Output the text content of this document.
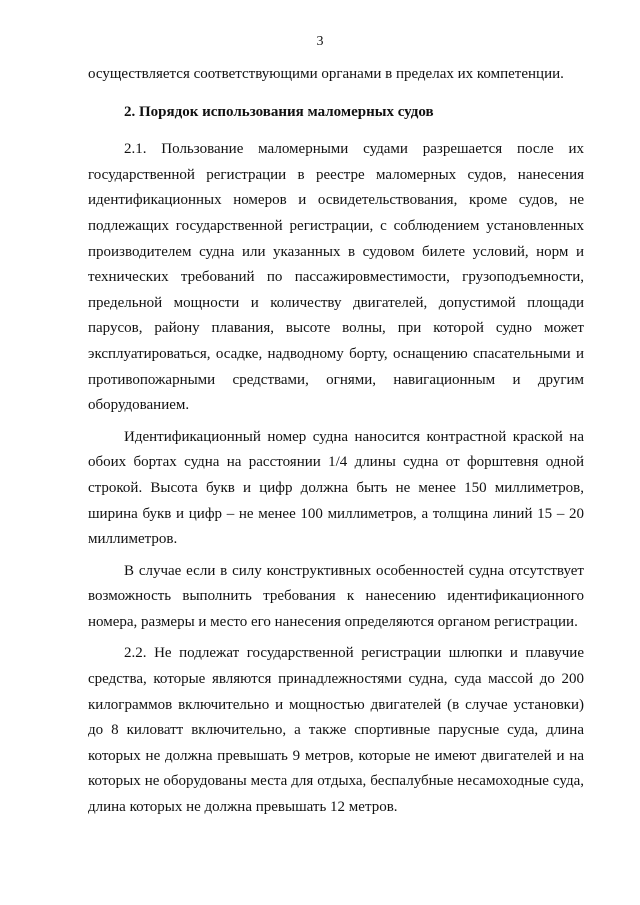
3

осуществляется соответствующими органами в пределах их компетенции.

2. Порядок использования маломерных судов

2.1. Пользование маломерными судами разрешается после их государственной регистрации в реестре маломерных судов, нанесения идентификационных номеров и освидетельствования, кроме судов, не подлежащих государственной регистрации, с соблюдением установленных производителем судна или указанных в судовом билете условий, норм и технических требований по пассажировместимости, грузоподъемности, предельной мощности и количеству двигателей, допустимой площади парусов, району плавания, высоте волны, при которой судно может эксплуатироваться, осадке, надводному борту, оснащению спасательными и противопожарными средствами, огнями, навигационным и другим оборудованием.

Идентификационный номер судна наносится контрастной краской на обоих бортах судна на расстоянии 1/4 длины судна от форштевня одной строкой. Высота букв и цифр должна быть не менее 150 миллиметров, ширина букв и цифр – не менее 100 миллиметров, а толщина линий 15 – 20 миллиметров.

В случае если в силу конструктивных особенностей судна отсутствует возможность выполнить требования к нанесению идентификационного номера, размеры и место его нанесения определяются органом регистрации.

2.2. Не подлежат государственной регистрации шлюпки и плавучие средства, которые являются принадлежностями судна, суда массой до 200 килограммов включительно и мощностью двигателей (в случае установки) до 8 киловатт включительно, а также спортивные парусные суда, длина которых не должна превышать 9 метров, которые не имеют двигателей и на которых не оборудованы места для отдыха, беспалубные несамоходные суда, длина которых не должна превышать 12 метров.
